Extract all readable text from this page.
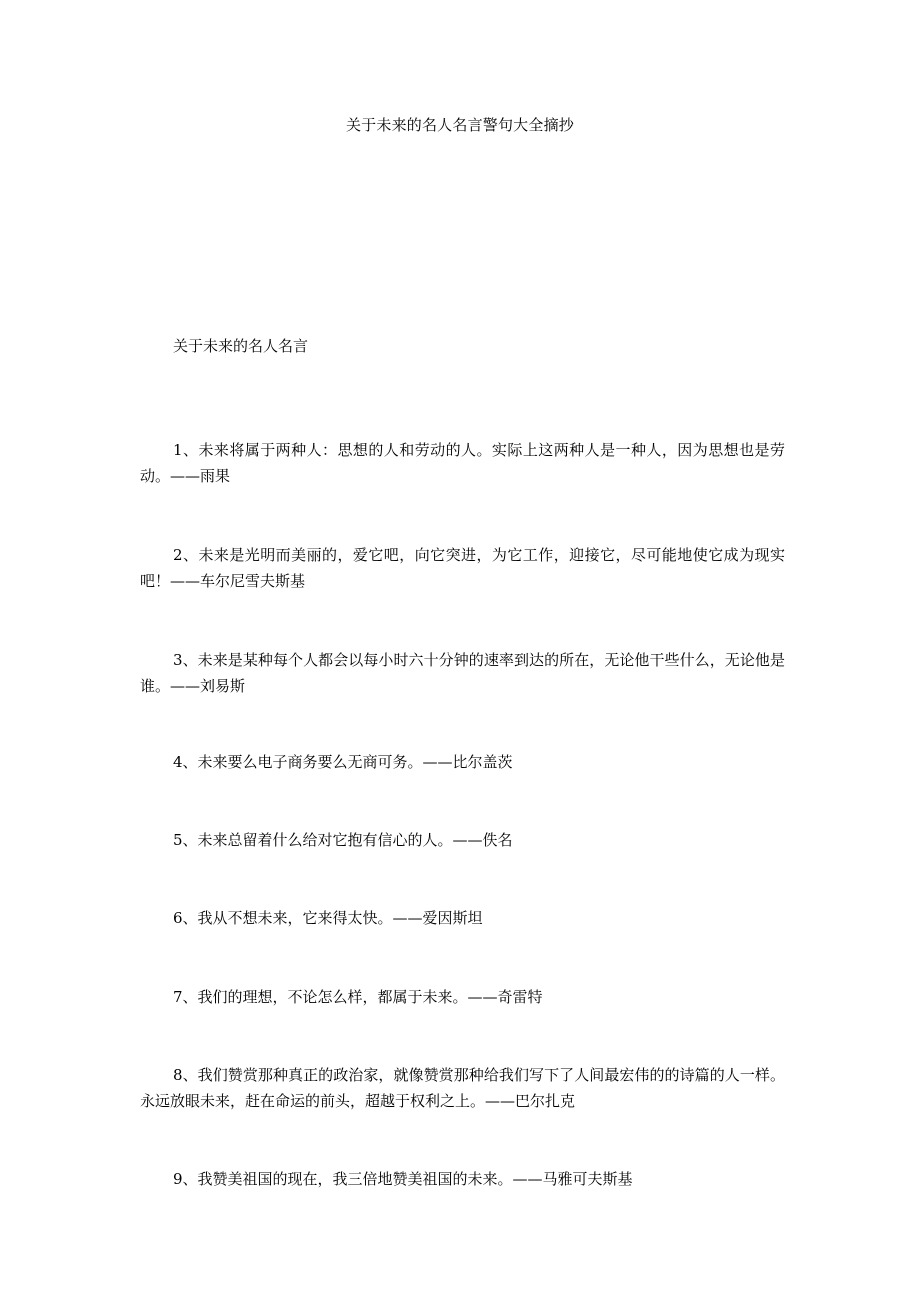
关于未来的名人名言警句大全摘抄
关于未来的名人名言

1、未来将属于两种人：思想的人和劳动的人。实际上这两种人是一种人，因为思想也是劳动。——雨果

2、未来是光明而美丽的，爱它吧，向它突进，为它工作，迎接它，尽可能地使它成为现实吧！——车尔尼雪夫斯基

3、未来是某种每个人都会以每小时六十分钟的速率到达的所在，无论他干些什么，无论他是谁。——刘易斯

4、未来要么电子商务要么无商可务。——比尔盖茨

5、未来总留着什么给对它抱有信心的人。——佚名

6、我从不想未来，它来得太快。——爱因斯坦

7、我们的理想，不论怎么样，都属于未来。——奇雷特

8、我们赞赏那种真正的政治家，就像赞赏那种给我们写下了人间最宏伟的的诗篇的人一样。永远放眼未来，赶在命运的前头，超越于权利之上。——巴尔扎克

9、我赞美祖国的现在，我三倍地赞美祖国的未来。——马雅可夫斯基
